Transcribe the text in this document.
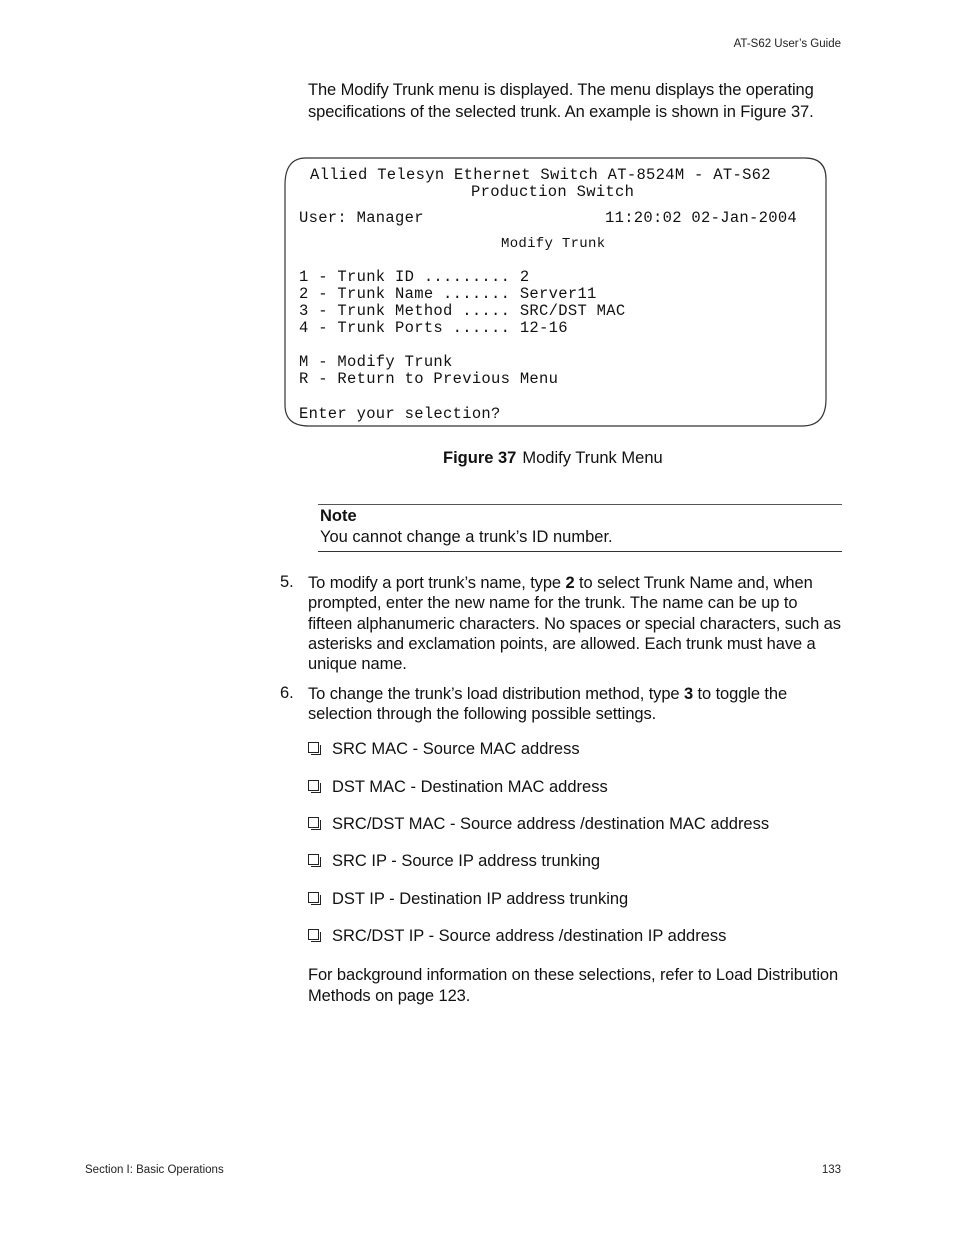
AT-S62 User’s Guide
The Modify Trunk menu is displayed. The menu displays the operating specifications of the selected trunk. An example is shown in Figure 37.
Allied Telesyn Ethernet Switch AT-8524M - AT-S62
Production Switch
User: Manager	11:20:02 02-Jan-2004
Modify Trunk
1 - Trunk ID ......... 2
2 - Trunk Name ....... Server11
3 - Trunk Method ..... SRC/DST MAC
4 - Trunk Ports ...... 12-16
M - Modify Trunk
R - Return to Previous Menu
Enter your selection?
Figure 37 Modify Trunk Menu
Note
You cannot change a trunk’s ID number.
5. To modify a port trunk’s name, type 2 to select Trunk Name and, when prompted, enter the new name for the trunk. The name can be up to fifteen alphanumeric characters. No spaces or special characters, such as asterisks and exclamation points, are allowed. Each trunk must have a unique name.
6. To change the trunk’s load distribution method, type 3 to toggle the selection through the following possible settings.
SRC MAC - Source MAC address
DST MAC - Destination MAC address
SRC/DST MAC - Source address /destination MAC address
SRC IP - Source IP address trunking
DST IP - Destination IP address trunking
SRC/DST IP - Source address /destination IP address
For background information on these selections, refer to Load Distribution Methods on page 123.
Section I: Basic Operations	133
